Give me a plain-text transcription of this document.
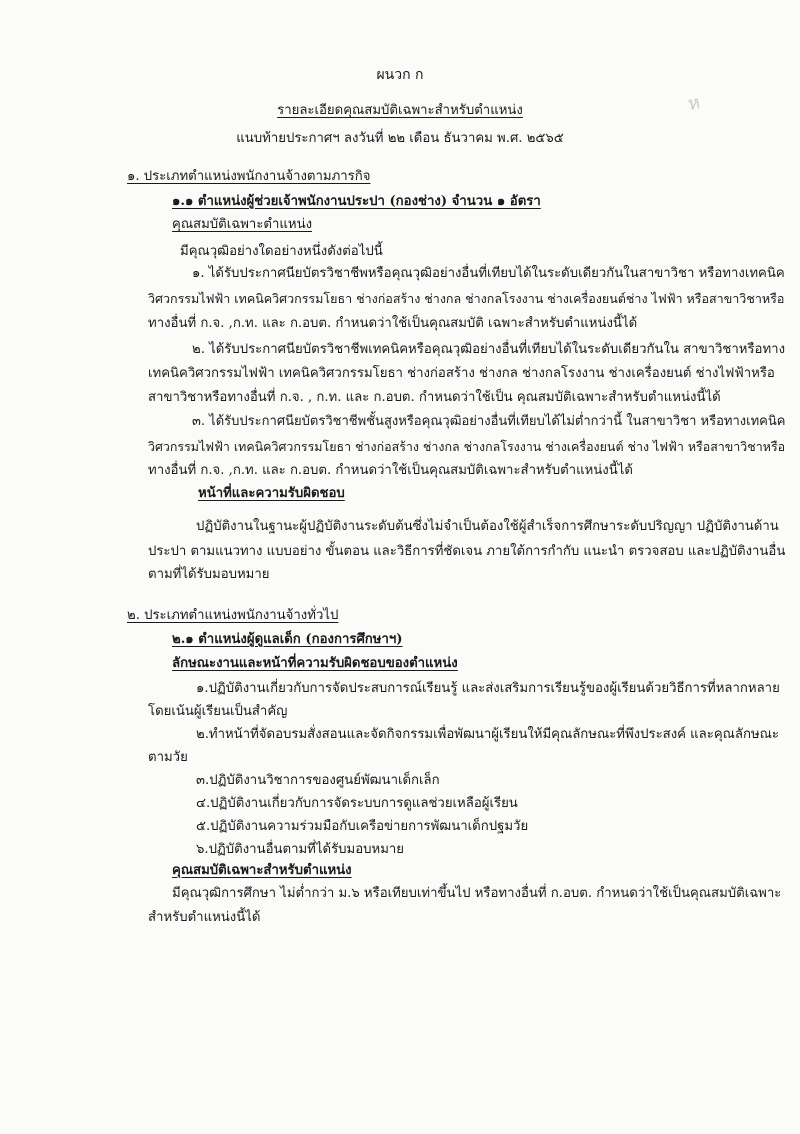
ห
ผนวก ก
รายละเอียดคุณสมบัติเฉพาะสำหรับตำแหน่ง
แนบท้ายประกาศฯ ลงวันที่ ๒๒ เดือน ธันวาคม พ.ศ. ๒๕๖๕
๑. ประเภทตำแหน่งพนักงานจ้างตามภารกิจ
๑.๑ ตำแหน่งผู้ช่วยเจ้าพนักงานประปา (กองช่าง) จำนวน ๑ อัตรา
คุณสมบัติเฉพาะตำแหน่ง
มีคุณวุฒิอย่างใดอย่างหนึ่งดังต่อไปนี้
๑. ได้รับประกาศนียบัตรวิชาชีพหรือคุณวุฒิอย่างอื่นที่เทียบได้ในระดับเดียวกันในสาขาวิชา หรือทางเทคนิค
วิศวกรรมไฟฟ้า เทคนิควิศวกรรมโยธา ช่างก่อสร้าง ช่างกล ช่างกลโรงงาน ช่างเครื่องยนต์ช่าง ไฟฟ้า หรือสาขาวิชาหรือ
ทางอื่นที่ ก.จ. ,ก.ท. และ ก.อบต. กำหนดว่าใช้เป็นคุณสมบัติ เฉพาะสำหรับตำแหน่งนี้ได้
๒. ได้รับประกาศนียบัตรวิชาชีพเทคนิคหรือคุณวุฒิอย่างอื่นที่เทียบได้ในระดับเดียวกันใน สาขาวิชาหรือทาง
เทคนิควิศวกรรมไฟฟ้า เทคนิควิศวกรรมโยธา ช่างก่อสร้าง ช่างกล ช่างกลโรงงาน ช่างเครื่องยนต์ ช่างไฟฟ้าหรือ
สาขาวิชาหรือทางอื่นที่ ก.จ. , ก.ท. และ ก.อบต. กำหนดว่าใช้เป็น คุณสมบัติเฉพาะสำหรับตำแหน่งนี้ได้
๓. ได้รับประกาศนียบัตรวิชาชีพชั้นสูงหรือคุณวุฒิอย่างอื่นที่เทียบได้ไม่ต่ำกว่านี้ ในสาขาวิชา หรือทางเทคนิค
วิศวกรรมไฟฟ้า เทคนิควิศวกรรมโยธา ช่างก่อสร้าง ช่างกล ช่างกลโรงงาน ช่างเครื่องยนต์ ช่าง ไฟฟ้า หรือสาขาวิชาหรือ
ทางอื่นที่ ก.จ. ,ก.ท. และ ก.อบต. กำหนดว่าใช้เป็นคุณสมบัติเฉพาะสำหรับตำแหน่งนี้ได้
หน้าที่และความรับผิดชอบ
ปฏิบัติงานในฐานะผู้ปฏิบัติงานระดับต้นซึ่งไม่จำเป็นต้องใช้ผู้สำเร็จการศึกษาระดับปริญญา ปฏิบัติงานด้าน
ประปา ตามแนวทาง แบบอย่าง ขั้นตอน และวิธีการที่ชัดเจน ภายใต้การกำกับ แนะนำ ตรวจสอบ และปฏิบัติงานอื่น
ตามที่ได้รับมอบหมาย
๒. ประเภทตำแหน่งพนักงานจ้างทั่วไป
๒.๑ ตำแหน่งผู้ดูแลเด็ก (กองการศึกษาฯ)
ลักษณะงานและหน้าที่ความรับผิดชอบของตำแหน่ง
๑.ปฏิบัติงานเกี่ยวกับการจัดประสบการณ์เรียนรู้ และส่งเสริมการเรียนรู้ของผู้เรียนด้วยวิธีการที่หลากหลาย
โดยเน้นผู้เรียนเป็นสำคัญ
๒.ทำหน้าที่จัดอบรมสั่งสอนและจัดกิจกรรมเพื่อพัฒนาผู้เรียนให้มีคุณลักษณะที่พึงประสงค์ และคุณลักษณะ
ตามวัย
๓.ปฏิบัติงานวิชาการของศูนย์พัฒนาเด็กเล็ก
๔.ปฏิบัติงานเกี่ยวกับการจัดระบบการดูแลช่วยเหลือผู้เรียน
๕.ปฏิบัติงานความร่วมมือกับเครือข่ายการพัฒนาเด็กปฐมวัย
๖.ปฏิบัติงานอื่นตามที่ได้รับมอบหมาย
คุณสมบัติเฉพาะสำหรับตำแหน่ง
มีคุณวุฒิการศึกษา ไม่ต่ำกว่า ม.๖ หรือเทียบเท่าขึ้นไป หรือทางอื่นที่ ก.อบต. กำหนดว่าใช้เป็นคุณสมบัติเฉพาะ
สำหรับตำแหน่งนี้ได้
